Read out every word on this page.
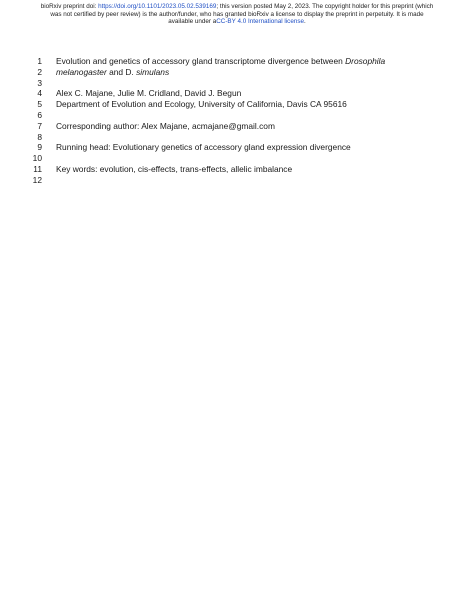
bioRxiv preprint doi: https://doi.org/10.1101/2023.05.02.539169; this version posted May 2, 2023. The copyright holder for this preprint (which
was not certified by peer review) is the author/funder, who has granted bioRxiv a license to display the preprint in perpetuity. It is made
available under aCC-BY 4.0 International license.
1 Evolution and genetics of accessory gland transcriptome divergence between Drosophila
2 melanogaster and D. simulans
3
4 Alex C. Majane, Julie M. Cridland, David J. Begun
5 Department of Evolution and Ecology, University of California, Davis CA 95616
6
7 Corresponding author: Alex Majane, acmajane@gmail.com
8
9 Running head: Evolutionary genetics of accessory gland expression divergence
10
11 Key words: evolution, cis-effects, trans-effects, allelic imbalance
12
